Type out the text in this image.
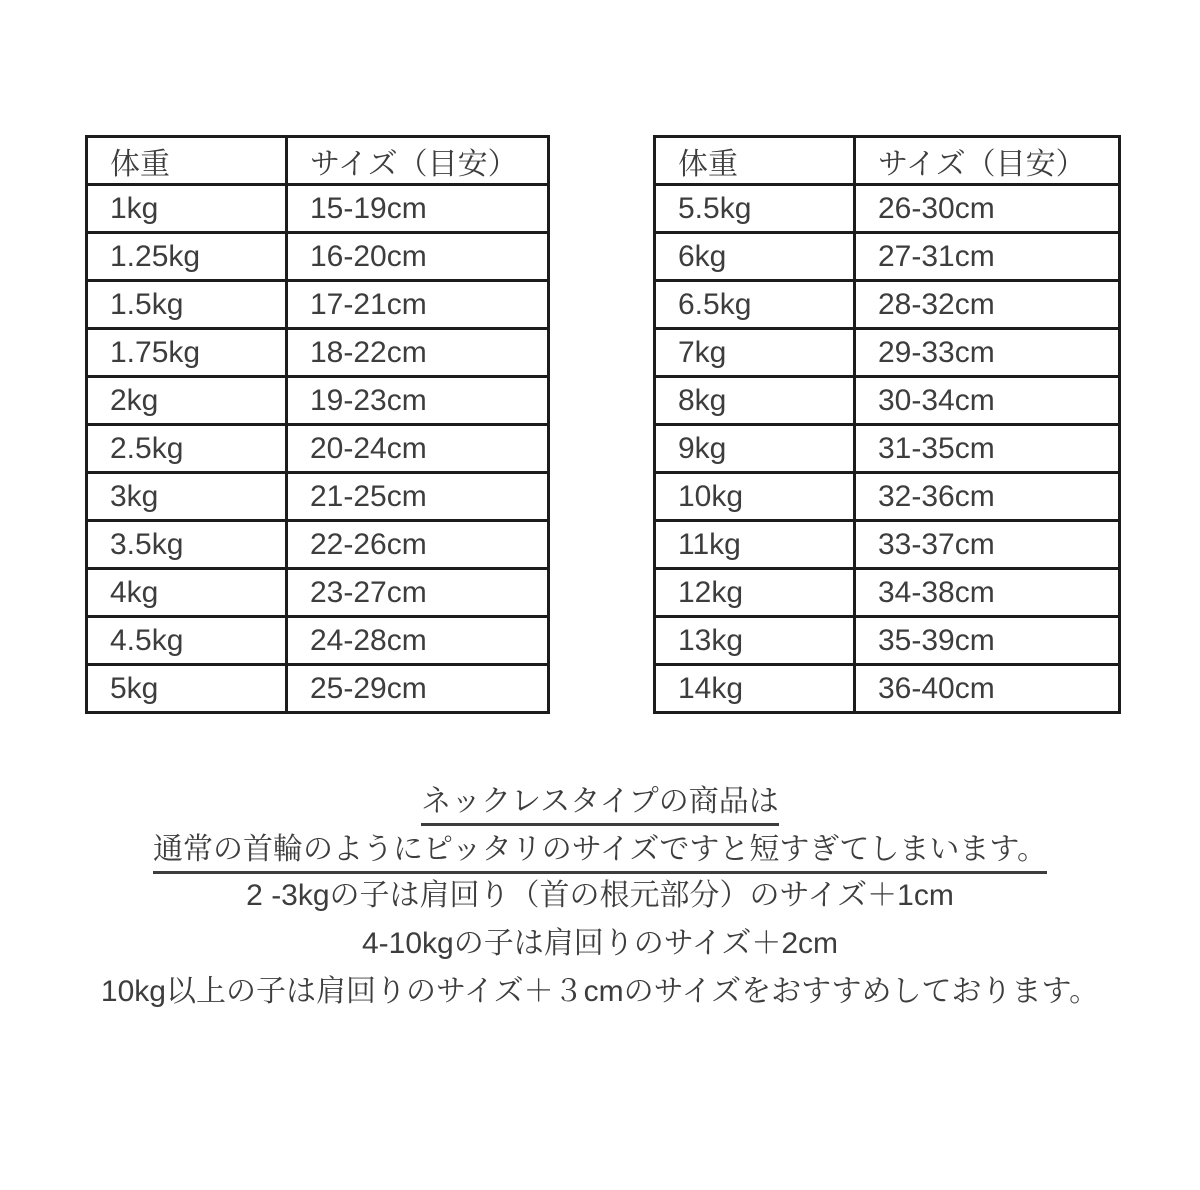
体重	サイズ（目安）
1kg	15-19cm
1.25kg	16-20cm
1.5kg	17-21cm
1.75kg	18-22cm
2kg	19-23cm
2.5kg	20-24cm
3kg	21-25cm
3.5kg	22-26cm
4kg	23-27cm
4.5kg	24-28cm
5kg	25-29cm
体重	サイズ（目安）
5.5kg	26-30cm
6kg	27-31cm
6.5kg	28-32cm
7kg	29-33cm
8kg	30-34cm
9kg	31-35cm
10kg	32-36cm
11kg	33-37cm
12kg	34-38cm
13kg	35-39cm
14kg	36-40cm
ネックレスタイプの商品は
通常の首輪のようにピッタリのサイズですと短すぎてしまいます。
2 -3kgの子は肩回り（首の根元部分）のサイズ＋1cm
4-10kgの子は肩回りのサイズ＋2cm
10kg以上の子は肩回りのサイズ＋３cmのサイズをおすすめしております。
